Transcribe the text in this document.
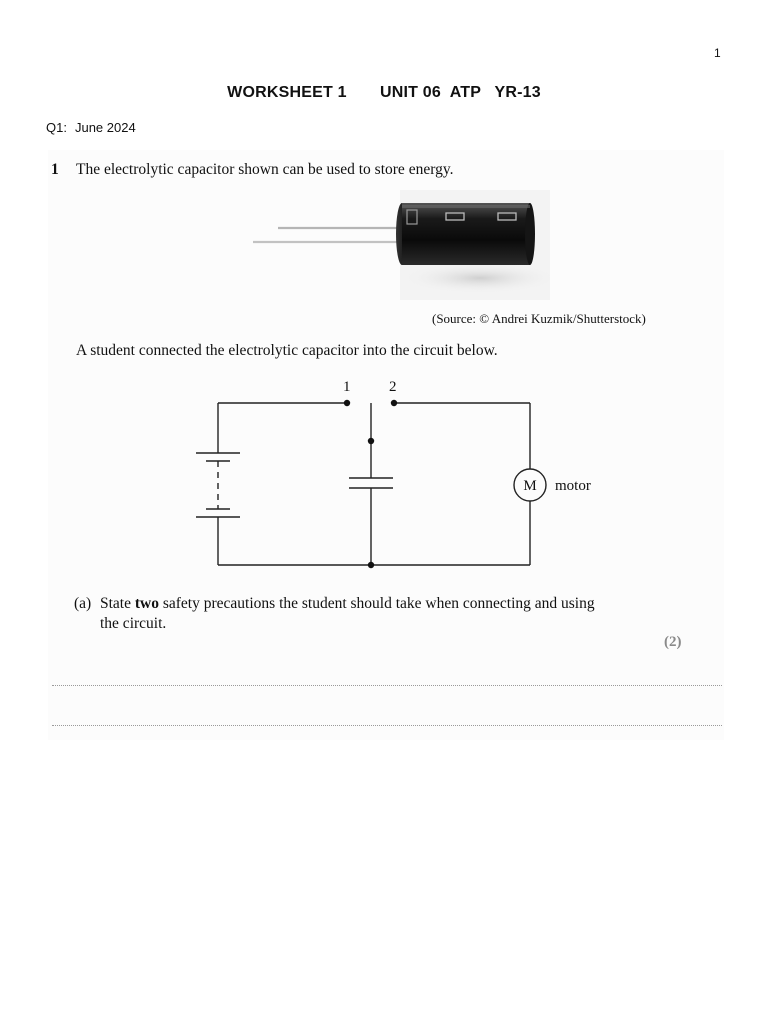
1
WORKSHEET 1 UNIT 06  ATP   YR-13
Q1: June 2024
1 The electrolytic capacitor shown can be used to store energy.
(Source: © Andrei Kuzmik/Shutterstock)
A student connected the electrolytic capacitor into the circuit below.
1	2
M motor
(a) State two safety precautions the student should take when connecting and using
the circuit.
(2)
